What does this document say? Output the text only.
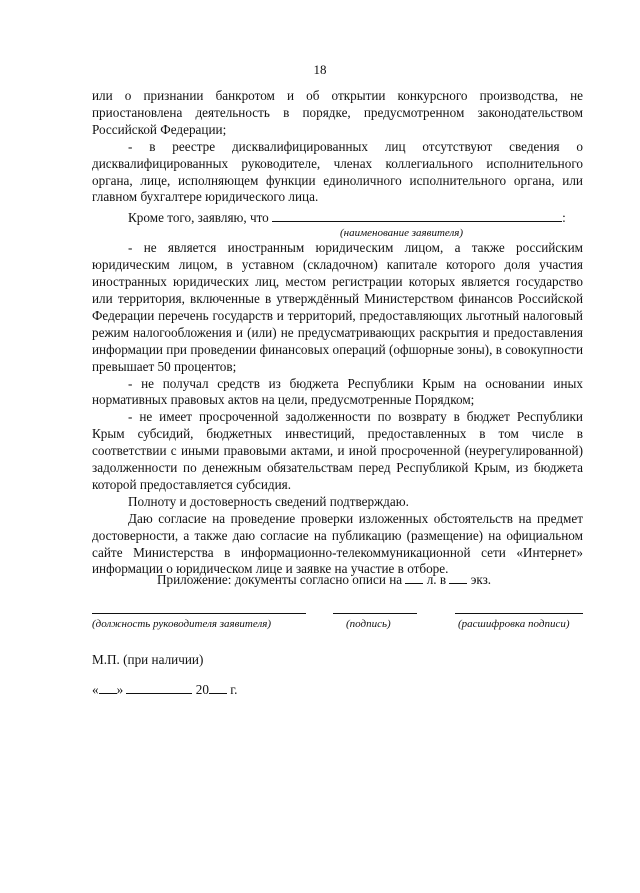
18

или о признании банкротом и об открытии конкурсного производства, не приостановлена деятельность в порядке, предусмотренном законодательством Российской Федерации;

- в реестре дисквалифицированных лиц отсутствуют сведения о дисквалифицированных руководителе, членах коллегиального исполнительного органа, лице, исполняющем функции единоличного исполнительного органа, или главном бухгалтере юридического лица.

Кроме того, заявляю, что	:

(наименование заявителя)

- не является иностранным юридическим лицом, а также российским юридическим лицом, в уставном (складочном) капитале которого доля участия иностранных юридических лиц, местом регистрации которых является государство или территория, включенные в утверждённый Министерством финансов Российской Федерации перечень государств и территорий, предоставляющих льготный налоговый режим налогообложения и (или) не предусматривающих раскрытия и предоставления информации при проведении финансовых операций (офшорные зоны), в совокупности превышает 50 процентов;

- не получал средств из бюджета Республики Крым на основании иных нормативных правовых актов на цели, предусмотренные Порядком;

- не имеет просроченной задолженности по возврату в бюджет Республики Крым субсидий, бюджетных инвестиций, предоставленных в том числе в соответствии с иными правовыми актами, и иной просроченной (неурегулированной) задолженности по денежным обязательствам перед Республикой Крым, из бюджета которой предоставляется субсидия.

Полноту и достоверность сведений подтверждаю.

Даю согласие на проведение проверки изложенных обстоятельств на предмет достоверности, а также даю согласие на публикацию (размещение) на официальном сайте Министерства в информационно-телекоммуникационной сети «Интернет» информации о юридическом лице и заявке на участие в отборе.

Приложение: документы согласно описи на л. в экз.
(должность руководителя заявителя)	(подпись)	(расшифровка подписи)
М.П. (при наличии)
« »	20 г.
